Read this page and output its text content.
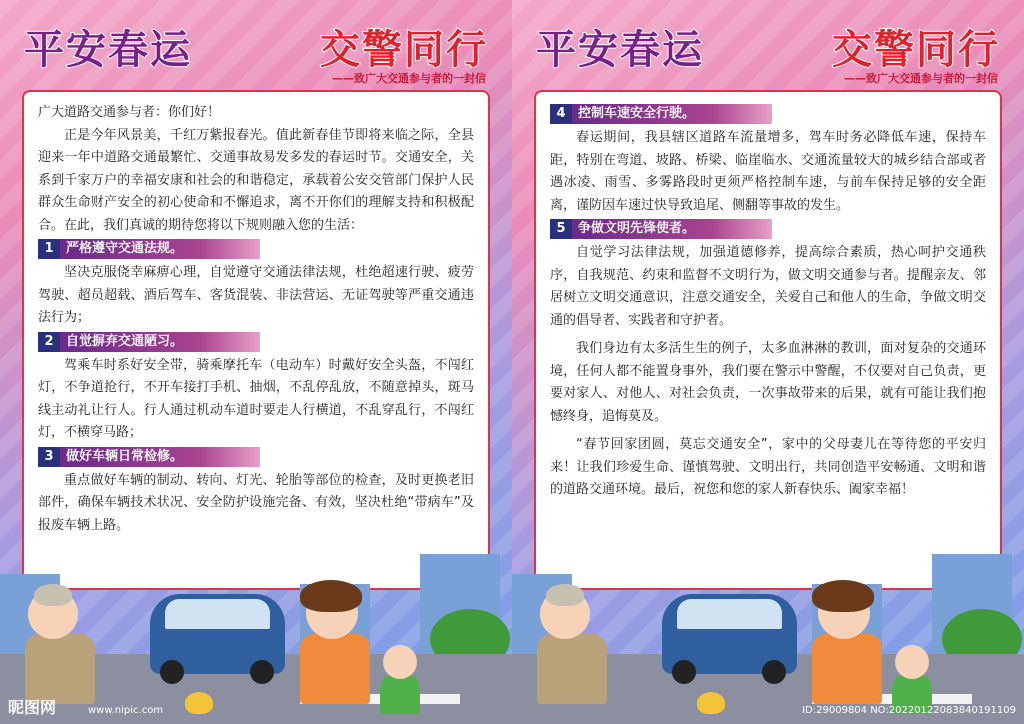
平安春运	交警同行
——致广大交通参与者的一封信

广大道路交通参与者：你们好！

正是今年风景美，千红万紫报春光。值此新春佳节即将来临之际，全县迎来一年中道路交通最繁忙、交通事故易发多发的春运时节。交通安全，关系到千家万户的幸福安康和社会的和谐稳定，承载着公安交管部门保护人民群众生命财产安全的初心使命和不懈追求，离不开你们的理解支持和积极配合。在此，我们真诚的期待您将以下规则融入您的生活：

1 严格遵守交通法规。

坚决克服侥幸麻痹心理，自觉遵守交通法律法规，杜绝超速行驶、疲劳驾驶、超员超载、酒后驾车、客货混装、非法营运、无证驾驶等严重交通违法行为；

2 自觉摒弃交通陋习。

驾乘车时系好安全带，骑乘摩托车（电动车）时戴好安全头盔，不闯红灯，不争道抢行，不开车接打手机、抽烟，不乱停乱放，不随意掉头，斑马线主动礼让行人。行人通过机动车道时要走人行横道，不乱穿乱行，不闯红灯，不横穿马路；

3 做好车辆日常检修。

重点做好车辆的制动、转向、灯光、轮胎等部位的检查，及时更换老旧部件，确保车辆技术状况、安全防护设施完备、有效，坚决杜绝“带病车”及报废车辆上路。

昵图网	www.nipic.com
平安春运	交警同行
——致广大交通参与者的一封信
4 控制车速安全行驶。

春运期间，我县辖区道路车流量增多，驾车时务必降低车速，保持车距，特别在弯道、坡路、桥梁、临崖临水、交通流量较大的城乡结合部或者遇冰凌、雨雪、多雾路段时更须严格控制车速，与前车保持足够的安全距离，谨防因车速过快导致追尾、侧翻等事故的发生。

5 争做文明先锋使者。

自觉学习法律法规，加强道德修养，提高综合素质，热心呵护交通秩序，自我规范、约束和监督不文明行为，做文明交通参与者。提醒亲友、邻居树立文明交通意识，注意交通安全，关爱自己和他人的生命，争做文明交通的倡导者、实践者和守护者。

我们身边有太多活生生的例子，太多血淋淋的教训，面对复杂的交通环境，任何人都不能置身事外，我们要在警示中警醒，不仅要对自己负责，更要对家人、对他人、对社会负责，一次事故带来的后果，就有可能让我们抱憾终身，追悔莫及。

“春节回家团圆，莫忘交通安全”，家中的父母妻儿在等待您的平安归来！让我们珍爱生命、谨慎驾驶、文明出行，共同创造平安畅通、文明和谐的道路交通环境。最后，祝您和您的家人新春快乐、阖家幸福！

ID:29009804 NO:20220122083840191109
